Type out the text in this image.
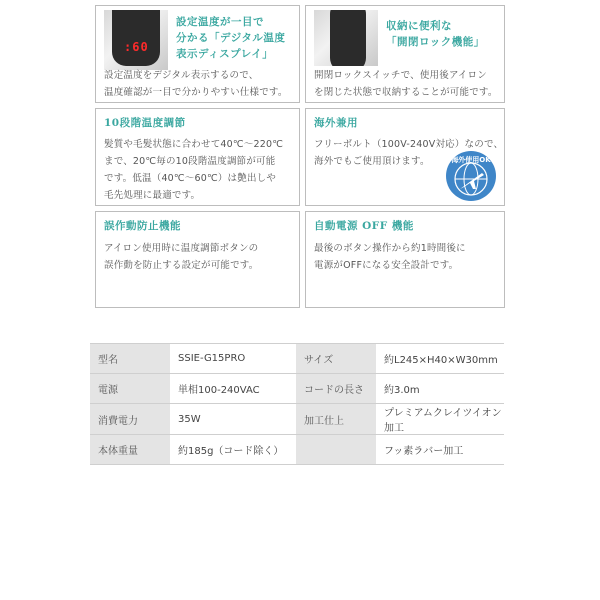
:60
設定温度が一目で
分かる「デジタル温度
表示ディスプレイ」
設定温度をデジタル表示するので、
温度確認が一目で分かりやすい仕様です。
収納に便利な
「開閉ロック機能」
開閉ロックスイッチで、使用後アイロン
を閉じた状態で収納することが可能です。
10段階温度調節
髪質や毛髪状態に合わせて40℃～220℃
まで、20℃毎の10段階温度調節が可能
です。低温（40℃～60℃）は艶出しや
毛先処理に最適です。
海外兼用
フリーボルト（100V-240V対応）なので、
海外でもご使用頂けます。	海外使用OK
誤作動防止機能
アイロン使用時に温度調節ボタンの
誤作動を防止する設定が可能です。
自動電源 OFF 機能
最後のボタン操作から約1時間後に
電源がOFFになる安全設計です。
型名	SSIE-G15PRO	サイズ	約L245×H40×W30mm
電源	単相100-240VAC	コードの長さ	約3.0m
消費電力	35W	加工仕上	プレミアムクレイツイオン加工
本体重量	約185g（コード除く）		フッ素ラバー加工
